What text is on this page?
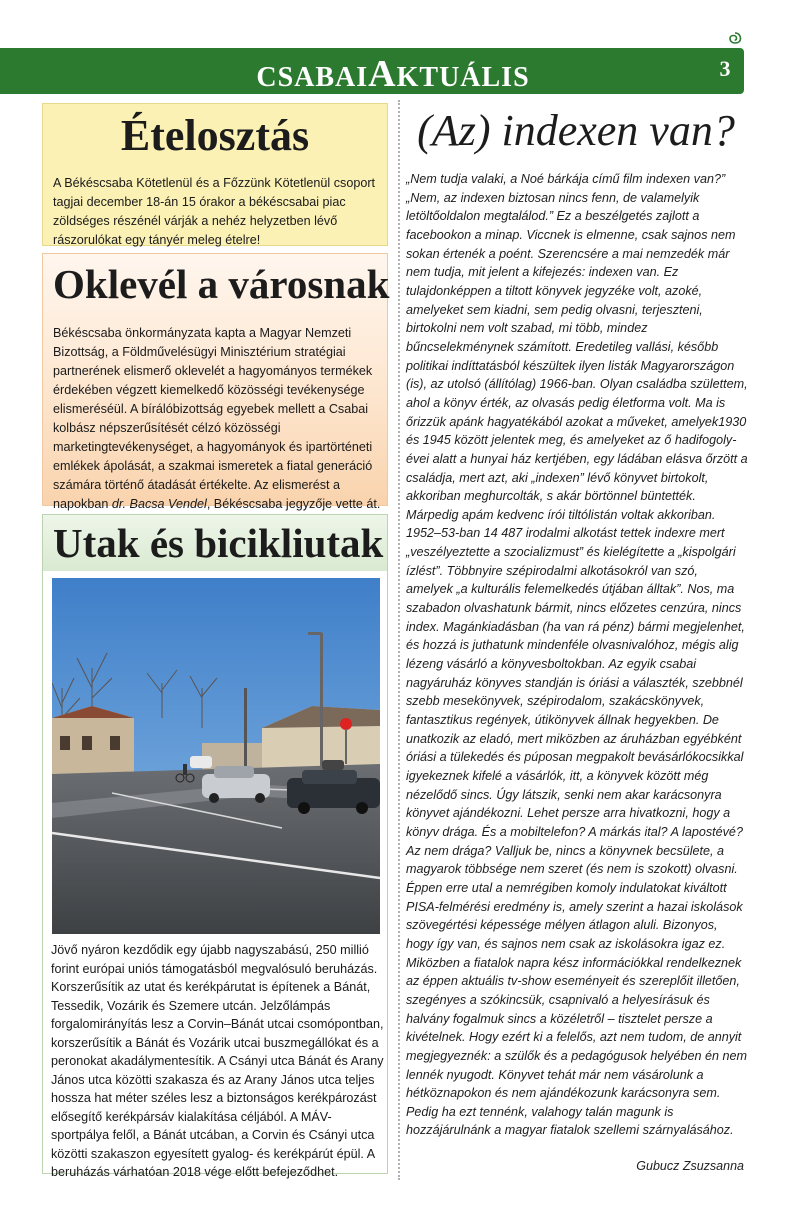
CSABAIAKTUÁLIS	3
Ételosztás
A Békéscsaba Kötetlenül és a Főzzünk Kötetlenül csoport tagjai december 18-án 15 órakor a békéscsabai piac zöldséges részénél várják a nehéz helyzetben lévő rászorulókat egy tányér meleg ételre!
Oklevél a városnak
Békéscsaba önkormányzata kapta a Magyar Nemzeti Bizottság, a Földművelésügyi Minisztérium stratégiai partnerének elismerő oklevelét a hagyományos termékek érdekében végzett kiemelkedő közösségi tevékenysége elismeréséül. A bírálóbizottság egyebek mellett a Csabai kolbász népszerűsítését célzó közösségi marketingtevékenységet, a hagyományok és ipartörténeti emlékek ápolását, a szakmai ismeretek a fiatal generáció számára történő átadását értékelte. Az elismerést a napokban dr. Bacsa Vendel, Békéscsaba jegyzője vette át.
Utak és bicikliutak
Jövő nyáron kezdődik egy újabb nagyszabású, 250 millió forint európai uniós támogatásból megvalósuló beruházás. Korszerűsítik az utat és kerékpárutat is építenek a Bánát, Tessedik, Vozárik és Szemere utcán. Jelzőlámpás forgalomirányítás lesz a Corvin–Bánát utcai csomópontban, korszerűsítik a Bánát és Vozárik utcai buszmegállókat és a peronokat akadálymentesítik. A Csányi utca Bánát és Arany János utca közötti szakasza és az Arany János utca teljes hossza hat méter széles lesz a biztonságos kerékpározást elősegítő kerékpársáv kialakítása céljából. A MÁV-sportpálya felől, a Bánát utcában, a Corvin és Csányi utca közötti szakaszon egyesített gyalog- és kerékpárút épül. A beruházás várhatóan 2018 vége előtt befejeződhet.
(Az) indexen van?
„Nem tudja valaki, a Noé bárkája című film indexen van?” „Nem, az indexen biztosan nincs fenn, de valamelyik letöltőoldalon megtalálod.” Ez a beszélgetés zajlott a facebookon a minap. Viccnek is elmenne, csak sajnos nem sokan értenék a poént. Szerencsére a mai nemzedék már nem tudja, mit jelent a kifejezés: indexen van. Ez tulajdonképpen a tiltott könyvek jegyzéke volt, azoké, amelyeket sem kiadni, sem pedig olvasni, terjeszteni, birtokolni nem volt szabad, mi több, mindez bűncselekménynek számított. Eredetileg vallási, később politikai indíttatásból készültek ilyen listák Magyarországon (is), az utolsó (állítólag) 1966-ban. Olyan családba születtem, ahol a könyv érték, az olvasás pedig életforma volt. Ma is őrizzük apánk hagyatékából azokat a műveket, amelyek1930 és 1945 között jelentek meg, és amelyeket az ő hadifogoly-évei alatt a hunyai ház kertjében, egy ládában elásva őrzött a családja, mert azt, aki „indexen” lévő könyvet birtokolt, akkoriban meghurcolták, s akár börtönnel büntették. Márpedig apám kedvenc írói tiltólistán voltak akkoriban. 1952–53-ban 14 487 irodalmi alkotást tettek indexre mert „veszélyeztette a szocializmust” és kielégítette a „kispolgári ízlést”. Többnyire szépirodalmi alkotásokról van szó, amelyek „a kulturális felemelkedés útjában álltak”. Nos, ma szabadon olvashatunk bármit, nincs előzetes cenzúra, nincs index. Magánkiadásban (ha van rá pénz) bármi megjelenhet, és hozzá is juthatunk mindenféle olvasnivalóhoz, mégis alig lézeng vásárló a könyvesboltokban. Az egyik csabai nagyáruház könyves standján is óriási a választék, szebbnél szebb mesekönyvek, szépirodalom, szakácskönyvek, fantasztikus regények, útikönyvek állnak hegyekben. De unatkozik az eladó, mert miközben az áruházban egyébként óriási a tülekedés és púposan megpakolt bevásárlókocsikkal igyekeznek kifelé a vásárlók, itt, a könyvek között még nézelődő sincs. Úgy látszik, senki nem akar karácsonyra könyvet ajándékozni. Lehet persze arra hivatkozni, hogy a könyv drága. És a mobiltelefon? A márkás ital? A lapostévé? Az nem drága? Valljuk be, nincs a könyvnek becsülete, a magyarok többsége nem szeret (és nem is szokott) olvasni. Éppen erre utal a nemrégiben komoly indulatokat kiváltott PISA-felmérési eredmény is, amely szerint a hazai iskolások szövegértési képessége mélyen átlagon aluli. Bizonyos, hogy így van, és sajnos nem csak az iskolásokra igaz ez. Miközben a fiatalok napra kész információkkal rendelkeznek az éppen aktuális tv-show eseményeit és szereplőit illetően, szegényes a szókincsük, csapnivaló a helyesírásuk és halvány fogalmuk sincs a közéletről – tisztelet persze a kivételnek. Hogy ezért ki a felelős, azt nem tudom, de annyit megjegyeznék: a szülők és a pedagógusok helyében én nem lennék nyugodt. Könyvet tehát már nem vásárolunk a hétköznapokon és nem ajándékozunk karácsonyra sem. Pedig ha ezt tennénk, valahogy talán magunk is hozzájárulnánk a magyar fiatalok szellemi szárnyalásához.
Gubucz Zsuzsanna
